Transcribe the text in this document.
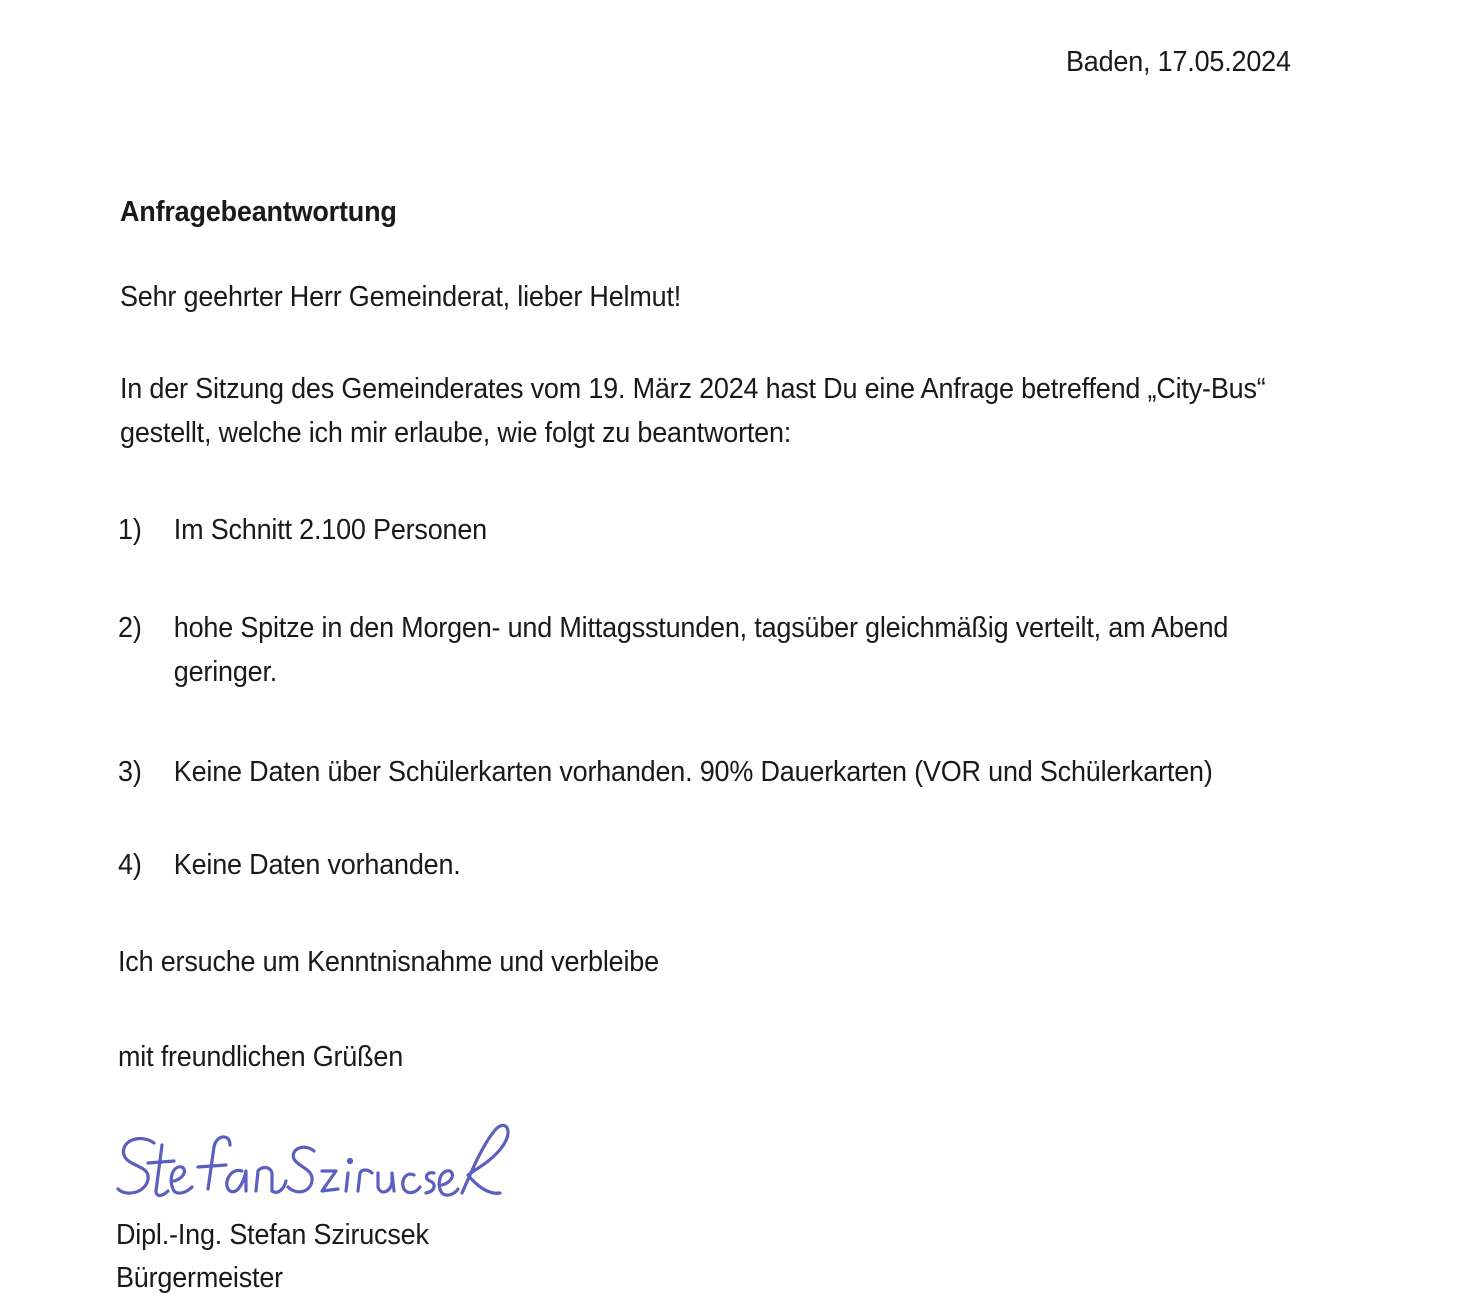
Baden, 17.05.2024
Anfragebeantwortung
Sehr geehrter Herr Gemeinderat, lieber Helmut!
In der Sitzung des Gemeinderates vom 19. März 2024 hast Du eine Anfrage betreffend „City-Bus“ gestellt, welche ich mir erlaube, wie folgt zu beantworten:
1) Im Schnitt 2.100 Personen
2) hohe Spitze in den Morgen- und Mittagsstunden, tagsüber gleichmäßig verteilt, am Abend geringer.
3) Keine Daten über Schülerkarten vorhanden. 90% Dauerkarten (VOR und Schülerkarten)
4) Keine Daten vorhanden.
Ich ersuche um Kenntnisnahme und verbleibe
mit freundlichen Grüßen
Dipl.-Ing. Stefan Szirucsek
Bürgermeister
